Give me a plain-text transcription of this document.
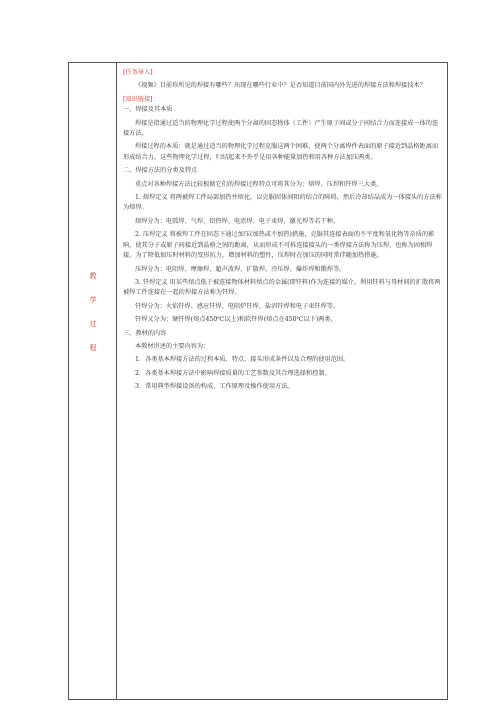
教
学
过
程

[任务导入]：

《视频》目前你所见的焊接有哪些？出现在哪些行业中？是否知道目前国内外先进的焊接方法和焊接技术？

[知识链接]：

一、焊接及其本质

焊接是指通过适当的物理化学过程使两个分离的固态物体（工件）产生原子间或分子间结合力而连接成一体的连接方法。

焊接过程的本质：就是通过适当的物理化学过程克服这两个困难，使两个分离焊件表面的原子接近到晶格距离而形成结合力。这些物理化学过程，归结起来不外乎是用各种能量加热和用各种方法加压两类。

二、焊接方法的分类及特点

重点对各种焊接方法比较根据它们的焊接过程特点可将其分为：熔焊、压焊和钎焊三大类。

1. 熔焊定义 将两被焊工件局部加热并熔化，以克服固体间阻的结合的障碍，然后冷却结晶成为一体接头的方法称为熔焊。

熔焊分为：电弧焊、气焊、铝热焊、电渣焊、电子束焊、激光焊等若干种。

2. 压焊定义 将被焊工件在固态下通过加压(加热或不加热)措施，克服其连接表面的不平度和氧化物等杂质的影响，使其分子或原子间接近到晶格之间的距离，从而形成不可拆连接接头的一类焊接方法称为压焊，也称为固相焊接。为了降低加压时材料的变形抗力，增加材料的塑性，压焊时在加压的同时常伴随加热措施。

压焊分为：电阻焊、摩擦焊、超声波焊、扩散焊、冷压焊、爆炸焊和锻焊等。

3. 钎焊定义 用某些熔点低于被连接物体材料熔点的金属(即钎料)作为连接的媒介，利用钎料与母材间的扩散将两被焊工件连接在一起的焊接方法称为钎焊。

钎焊分为：火焰钎焊、感应钎焊、电阻炉钎焊、盐浴钎焊和电子束钎焊等。

钎焊又分为：硬钎焊(熔点450℃以上)和软钎焊(熔点在450℃以下)两类。

三、教材的内容

本教材讲述的主要内容为：

1．各类基本焊接方法的过程本质、特点、接头形成条件以及合理的使用范围。

2．各类基本焊接方法中影响焊接质量的工艺参数及其合理选择和控制。

3．常用典型焊接设备的构成、工作原理及操作使用方法。
